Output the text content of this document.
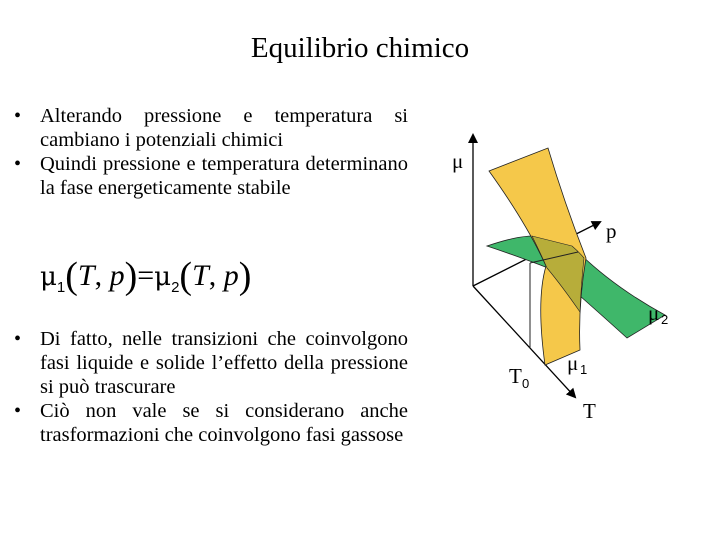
Equilibrio chimico
• Alterando pressione e temperatura si cambiano i potenziali chimici
• Quindi pressione e temperatura determinano la fase energeticamente stabile
$\mu_1(T$, $p)=\mu_2(T$, p)
• Di fatto, nelle transizioni che coinvolgono fasi liquide e solide l’effetto della pressione si può trascurare
• Ciò non vale se si considerano anche trasformazioni che coinvolgono fasi gassose
μ
p
T
T 0
μ 1
μ 2
